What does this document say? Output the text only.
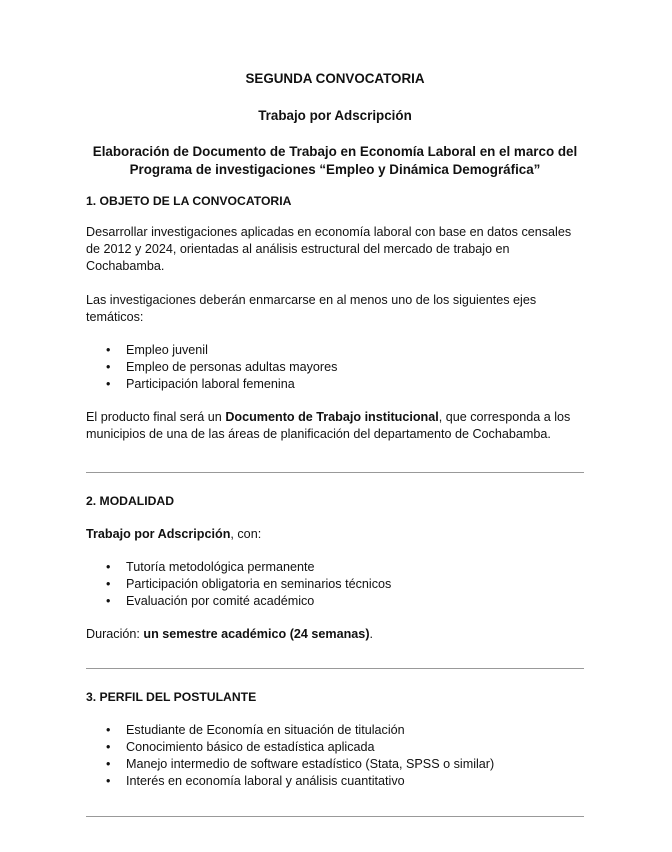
SEGUNDA CONVOCATORIA

Trabajo por Adscripción

Elaboración de Documento de Trabajo en Economía Laboral en el marco del Programa de investigaciones “Empleo y Dinámica Demográfica”

1. OBJETO DE LA CONVOCATORIA

Desarrollar investigaciones aplicadas en economía laboral con base en datos censales de 2012 y 2024, orientadas al análisis estructural del mercado de trabajo en Cochabamba.

Las investigaciones deberán enmarcarse en al menos uno de los siguientes ejes temáticos:

• Empleo juvenil
• Empleo de personas adultas mayores
• Participación laboral femenina

El producto final será un Documento de Trabajo institucional, que corresponda a los municipios de una de las áreas de planificación del departamento de Cochabamba.

2. MODALIDAD

Trabajo por Adscripción, con:

• Tutoría metodológica permanente
• Participación obligatoria en seminarios técnicos
• Evaluación por comité académico

Duración: un semestre académico (24 semanas).

3. PERFIL DEL POSTULANTE
• Estudiante de Economía en situación de titulación
• Conocimiento básico de estadística aplicada
• Manejo intermedio de software estadístico (Stata, SPSS o similar)
• Interés en economía laboral y análisis cuantitativo
